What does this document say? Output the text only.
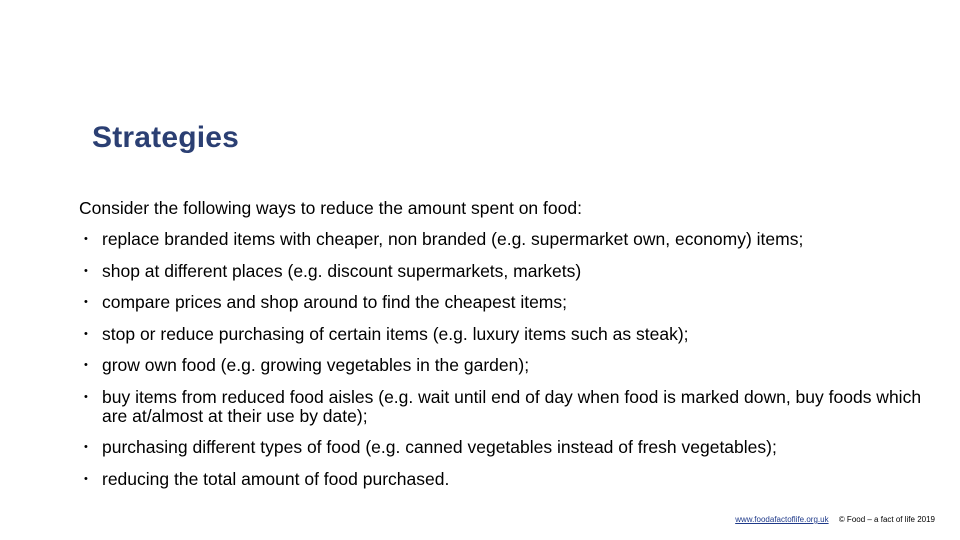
Strategies
Consider the following ways to reduce the amount spent on food:
• replace branded items with cheaper, non branded (e.g. supermarket own, economy) items;
• shop at different places (e.g. discount supermarkets, markets)
• compare prices and shop around to find the cheapest items;
• stop or reduce purchasing of certain items (e.g. luxury items such as steak);
• grow own food (e.g. growing vegetables in the garden);
• buy items from reduced food aisles (e.g. wait until end of day when food is marked down, buy foods which are at/almost at their use by date);
• purchasing different types of food (e.g. canned vegetables instead of fresh vegetables);
• reducing the total amount of food purchased.
www.foodafactoflife.org.uk © Food – a fact of life 2019
